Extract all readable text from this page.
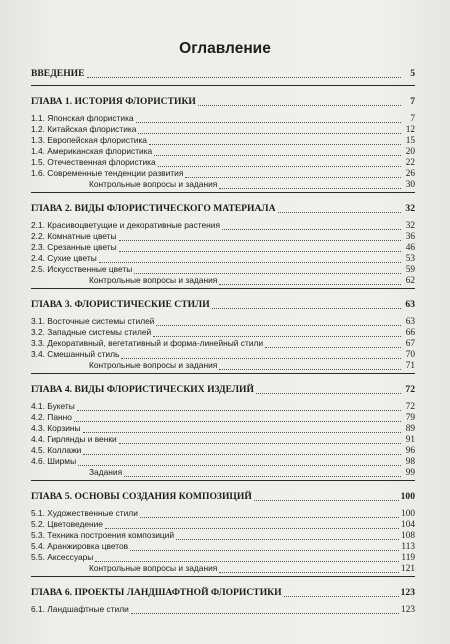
Оглавление
ВВЕДЕНИЕ	5
ГЛАВА 1. ИСТОРИЯ ФЛОРИСТИКИ	7
1.1. Японская флористика	7
1.2. Китайская флористика	12
1.3. Европейская флористика	15
1.4. Американская флористика	20
1.5. Отечественная флористика	22
1.6. Современные тенденции развития	26
Контрольные вопросы и задания	30
ГЛАВА 2. ВИДЫ ФЛОРИСТИЧЕСКОГО МАТЕРИАЛА	32
2.1. Красивоцветущие и декоративные растения	32
2.2. Комнатные цветы	36
2.3. Срезанные цветы	46
2.4. Сухие цветы	53
2.5. Искусственные цветы	59
Контрольные вопросы и задания	62
ГЛАВА 3. ФЛОРИСТИЧЕСКИЕ СТИЛИ	63
3.1. Восточные системы стилей	63
3.2. Западные системы стилей	66
3.3. Декоративный, вегетативный и форма-линейный стили	67
3.4. Смешанный стиль	70
Контрольные вопросы и задания	71
ГЛАВА 4. ВИДЫ ФЛОРИСТИЧЕСКИХ ИЗДЕЛИЙ	72
4.1. Букеты	72
4.2. Панно	79
4.3. Корзины	89
4.4. Гирлянды и венки	91
4.5. Коллажи	96
4.6. Ширмы	98
Задания	99
ГЛАВА 5. ОСНОВЫ СОЗДАНИЯ КОМПОЗИЦИЙ	100
5.1. Художественные стили	100
5.2. Цветоведение	104
5.3. Техника построения композиций	108
5.4. Аранжировка цветов	113
5.5. Аксессуары	119
Контрольные вопросы и задания	121
ГЛАВА 6. ПРОЕКТЫ ЛАНДШАФТНОЙ ФЛОРИСТИКИ	123
6.1. Ландшафтные стили	123
